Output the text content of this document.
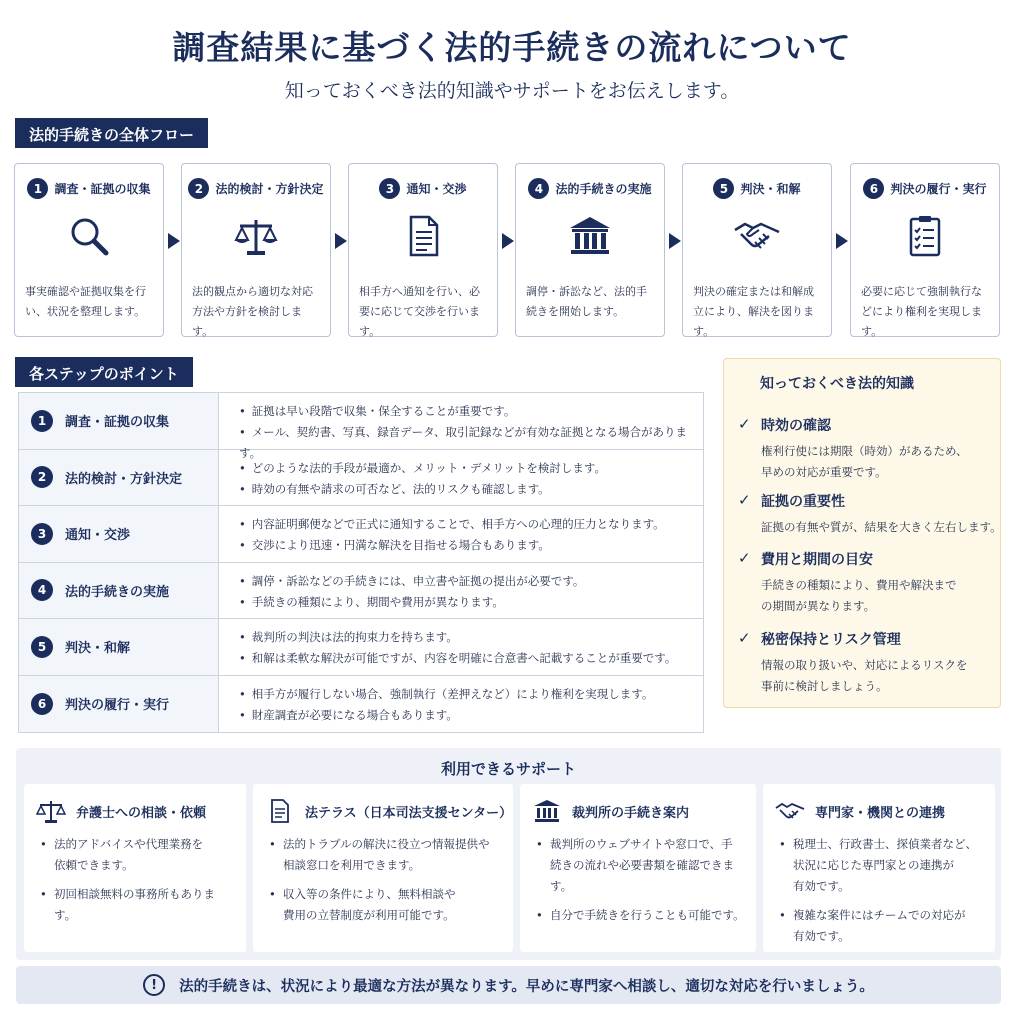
調査結果に基づく法的手続きの流れについて
知っておくべき法的知識やサポートをお伝えします。
法的手続きの全体フロー
1	調査・証拠の収集
事実確認や証拠収集を行い、状況を整理します。
2	法的検討・方針決定
法的観点から適切な対応方法や方針を検討します。
3	通知・交渉
相手方へ通知を行い、必要に応じて交渉を行います。
4	法的手続きの実施
調停・訴訟など、法的手続きを開始します。
5	判決・和解
判決の確定または和解成立により、解決を図ります。
6	判決の履行・実行
必要に応じて強制執行などにより権利を実現します。
各ステップのポイント
1	調査・証拠の収集
• 証拠は早い段階で収集・保全することが重要です。
• メール、契約書、写真、録音データ、取引記録などが有効な証拠となる場合があります。
2	法的検討・方針決定
• どのような法的手段が最適か、メリット・デメリットを検討します。
• 時効の有無や請求の可否など、法的リスクも確認します。
3	通知・交渉
• 内容証明郵便などで正式に通知することで、相手方への心理的圧力となります。
• 交渉により迅速・円満な解決を目指せる場合もあります。
4	法的手続きの実施
• 調停・訴訟などの手続きには、申立書や証拠の提出が必要です。
• 手続きの種類により、期間や費用が異なります。
5	判決・和解
• 裁判所の判決は法的拘束力を持ちます。
• 和解は柔軟な解決が可能ですが、内容を明確に合意書へ記載することが重要です。
6	判決の履行・実行
• 相手方が履行しない場合、強制執行（差押えなど）により権利を実現します。
• 財産調査が必要になる場合もあります。
知っておくべき法的知識
✓ 時効の確認
権利行使には期限（時効）があるため、
早めの対応が重要です。
✓ 証拠の重要性
証拠の有無や質が、結果を大きく左右します。
✓ 費用と期間の目安
手続きの種類により、費用や解決まで
の期間が異なります。
✓ 秘密保持とリスク管理
情報の取り扱いや、対応によるリスクを
事前に検討しましょう。
利用できるサポート
弁護士への相談・依頼
• 法的アドバイスや代理業務を
依頼できます。
• 初回相談無料の事務所もありま
す。
法テラス（日本司法支援センター）
• 法的トラブルの解決に役立つ情報提供や
相談窓口を利用できます。
• 収入等の条件により、無料相談や
費用の立替制度が利用可能です。
裁判所の手続き案内
• 裁判所のウェブサイトや窓口で、手
続きの流れや必要書類を確認できます。
• 自分で手続きを行うことも可能です。
専門家・機関との連携
• 税理士、行政書士、探偵業者など、
状況に応じた専門家との連携が
有効です。
• 複雑な案件にはチームでの対応が
有効です。
!	法的手続きは、状況により最適な方法が異なります。早めに専門家へ相談し、適切な対応を行いましょう。
